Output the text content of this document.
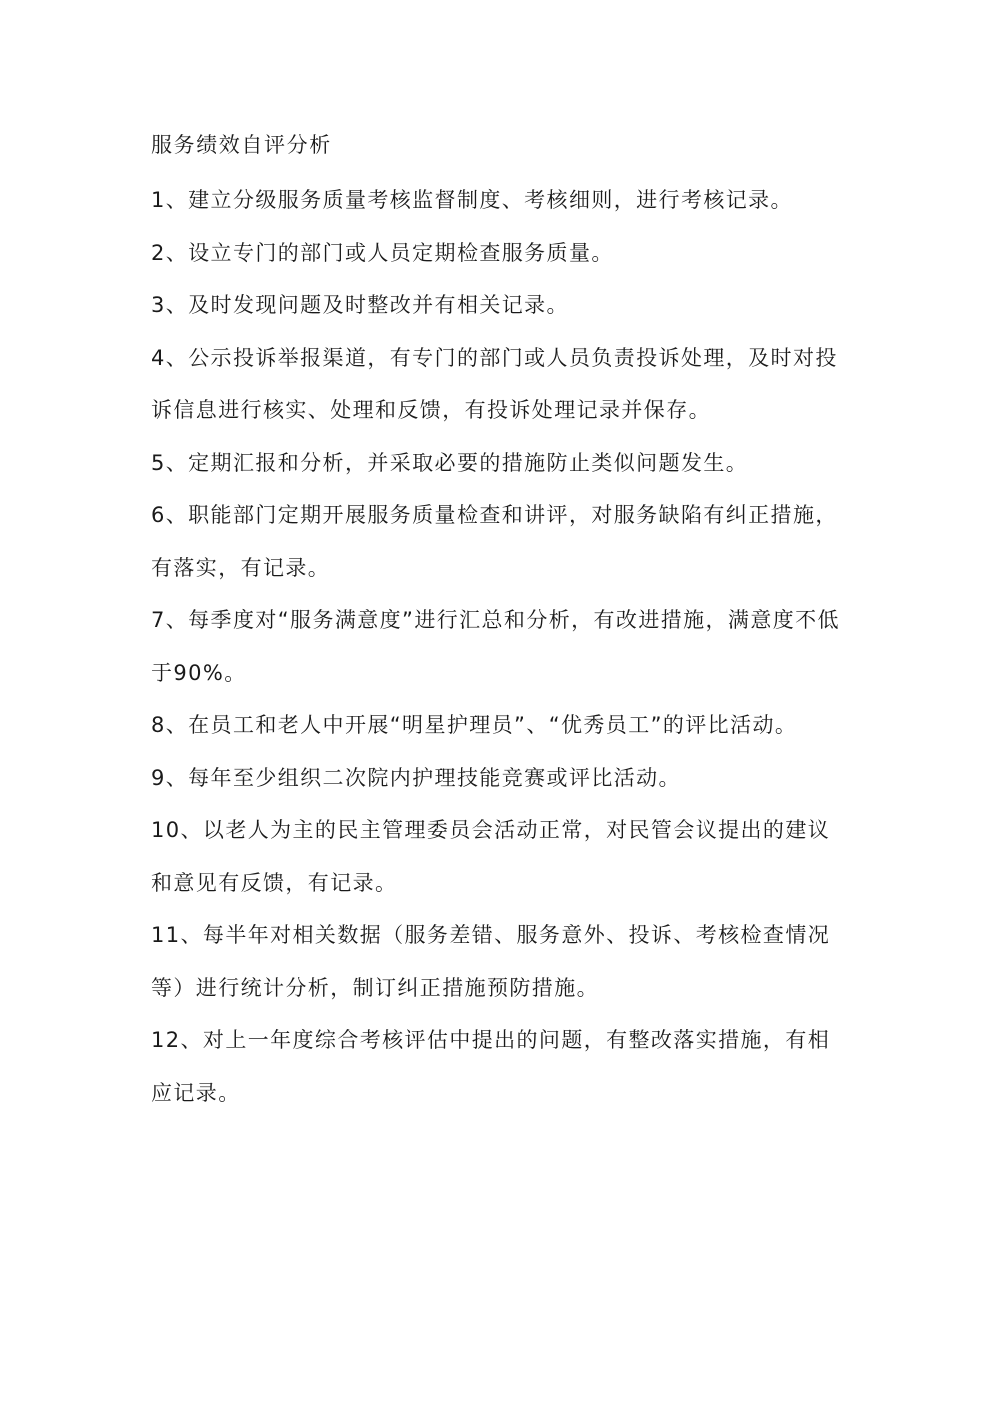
服务绩效自评分析

1、建立分级服务质量考核监督制度、考核细则，进行考核记录。

2、设立专门的部门或人员定期检查服务质量。

3、及时发现问题及时整改并有相关记录。

4、公示投诉举报渠道，有专门的部门或人员负责投诉处理，及时对投诉信息进行核实、处理和反馈，有投诉处理记录并保存。

5、定期汇报和分析，并采取必要的措施防止类似问题发生。

6、职能部门定期开展服务质量检查和讲评，对服务缺陷有纠正措施，有落实，有记录。

7、每季度对“服务满意度”进行汇总和分析，有改进措施，满意度不低于90%。

8、在员工和老人中开展“明星护理员”、“优秀员工”的评比活动。

9、每年至少组织二次院内护理技能竞赛或评比活动。

10、以老人为主的民主管理委员会活动正常，对民管会议提出的建议和意见有反馈，有记录。

11、每半年对相关数据（服务差错、服务意外、投诉、考核检查情况等）进行统计分析，制订纠正措施预防措施。

12、对上一年度综合考核评估中提出的问题，有整改落实措施，有相应记录。
